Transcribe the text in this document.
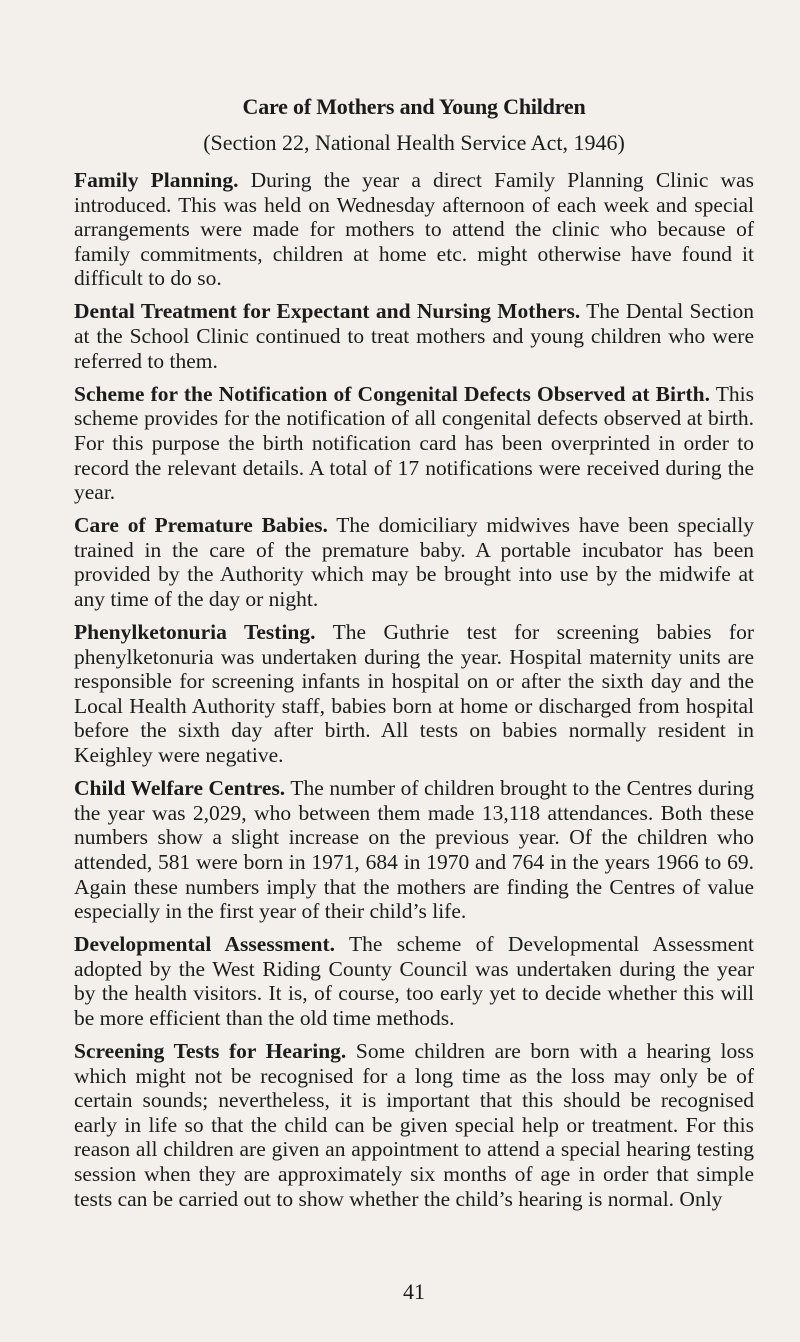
Care of Mothers and Young Children
(Section 22, National Health Service Act, 1946)

Family Planning. During the year a direct Family Planning Clinic was introduced. This was held on Wednesday afternoon of each week and special arrangements were made for mothers to attend the clinic who because of family commitments, children at home etc. might otherwise have found it difficult to do so.

Dental Treatment for Expectant and Nursing Mothers. The Dental Section at the School Clinic continued to treat mothers and young children who were referred to them.

Scheme for the Notification of Congenital Defects Observed at Birth. This scheme provides for the notification of all congenital defects observed at birth. For this purpose the birth notification card has been overprinted in order to record the relevant details. A total of 17 notifications were received during the year.

Care of Premature Babies. The domiciliary midwives have been specially trained in the care of the premature baby. A portable incubator has been provided by the Authority which may be brought into use by the midwife at any time of the day or night.

Phenylketonuria Testing. The Guthrie test for screening babies for phenylketonuria was undertaken during the year. Hospital maternity units are responsible for screening infants in hospital on or after the sixth day and the Local Health Authority staff, babies born at home or discharged from hospital before the sixth day after birth. All tests on babies normally resident in Keighley were negative.

Child Welfare Centres. The number of children brought to the Centres during the year was 2,029, who between them made 13,118 attendances. Both these numbers show a slight increase on the previous year. Of the children who attended, 581 were born in 1971, 684 in 1970 and 764 in the years 1966 to 69. Again these numbers imply that the mothers are finding the Centres of value especially in the first year of their child’s life.

Developmental Assessment. The scheme of Developmental Assessment adopted by the West Riding County Council was undertaken during the year by the health visitors. It is, of course, too early yet to decide whether this will be more efficient than the old time methods.

Screening Tests for Hearing. Some children are born with a hearing loss which might not be recognised for a long time as the loss may only be of certain sounds; nevertheless, it is important that this should be recognised early in life so that the child can be given special help or treatment. For this reason all children are given an appointment to attend a special hearing testing session when they are approximately six months of age in order that simple tests can be carried out to show whether the child’s hearing is normal. Only

41
